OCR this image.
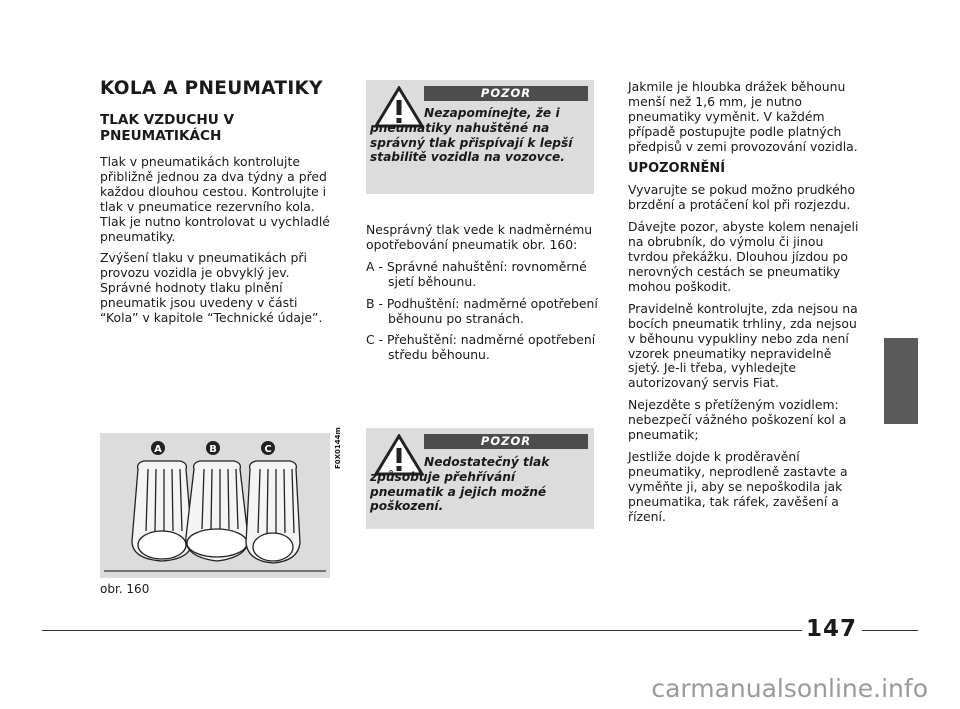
KOLA A PNEUMATIKY
TLAK VZDUCHU V PNEUMATIKÁCH

Tlak v pneumatikách kontrolujte přibližně jednou za dva týdny a před každou dlouhou cestou. Kontrolujte i tlak v pneumatice rezervního kola. Tlak je nutno kontrolovat u vychladlé pneumatiky.

Zvýšení tlaku v pneumatikách při provozu vozidla je obvyklý jev. Správné hodnoty tlaku plnění pneumatik jsou uvedeny v části “Kola” v kapitole “Technické údaje”.

A	B	C	F0X0144m
obr. 160
POZOR
Nezapomínejte, že i pneumatiky nahuštěné na správný tlak přispívají k lepší stabilitě vozidla na vozovce.

Nesprávný tlak vede k nadměrnému opotřebování pneumatik obr. 160:

A - Správné nahuštění: rovnoměrné sjetí běhounu.

B - Podhuštění: nadměrné opotřebení běhounu po stranách.

C - Přehuštění: nadměrné opotřebení středu běhounu.

POZOR
Nedostatečný tlak způsobuje přehřívání pneumatik a jejich možné poškození.

Jakmile je hloubka drážek běhounu menší než 1,6 mm, je nutno pneumatiky vyměnit. V každém případě postupujte podle platných předpisů v zemi provozování vozidla.

UPOZORNĚNÍ

Vyvarujte se pokud možno prudkého brzdění a protáčení kol při rozjezdu.

Dávejte pozor, abyste kolem nenajeli na obrubník, do výmolu či jinou tvrdou překážku. Dlouhou jízdou po nerovných cestách se pneumatiky mohou poškodit.

Pravidelně kontrolujte, zda nejsou na bocích pneumatik trhliny, zda nejsou v běhounu vypukliny nebo zda není vzorek pneumatiky nepravidelně sjetý. Je-li třeba, vyhledejte autorizovaný servis Fiat.

Nejezděte s přetíženým vozidlem: nebezpečí vážného poškození kol a pneumatik;

Jestliže dojde k proděravění pneumatiky, neprodleně zastavte a vyměňte ji, aby se nepoškodila jak pneumatika, tak ráfek, zavěšení a řízení.

147
carmanualsonline.info
